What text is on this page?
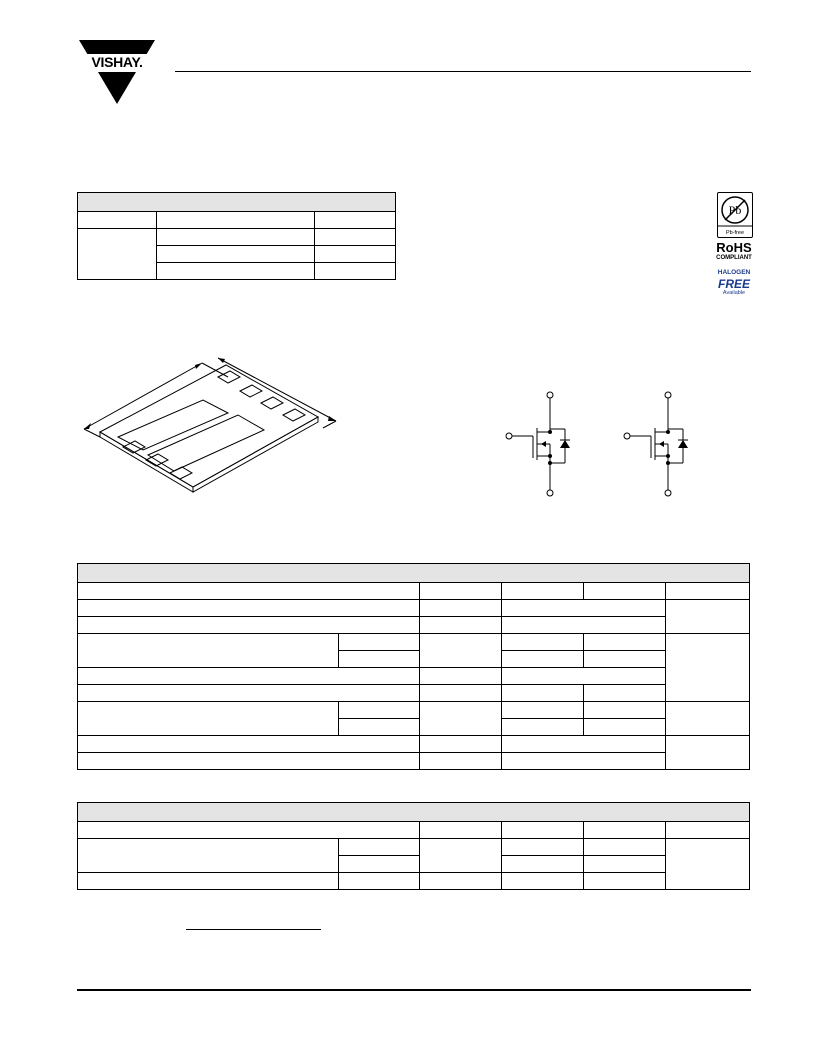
VISHAY.

Pb
Pb-free
RoHS
COMPLIANT
HALOGEN
FREE
Available
